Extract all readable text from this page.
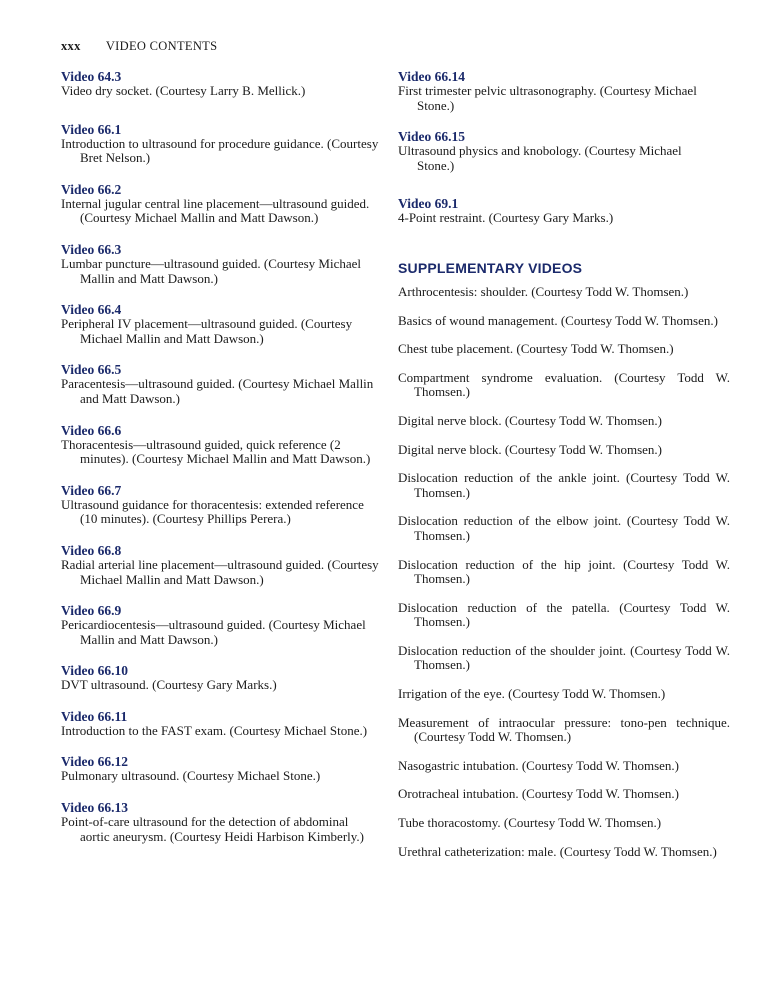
xxx VIDEO CONTENTS
Video 64.3
Video dry socket. (Courtesy Larry B. Mellick.)
Video 66.1
Introduction to ultrasound for procedure guidance. (Courtesy Bret Nelson.)
Video 66.2
Internal jugular central line placement—ultrasound guided. (Courtesy Michael Mallin and Matt Dawson.)
Video 66.3
Lumbar puncture—ultrasound guided. (Courtesy Michael Mallin and Matt Dawson.)
Video 66.4
Peripheral IV placement—ultrasound guided. (Courtesy Michael Mallin and Matt Dawson.)
Video 66.5
Paracentesis—ultrasound guided. (Courtesy Michael Mallin and Matt Dawson.)
Video 66.6
Thoracentesis—ultrasound guided, quick reference (2 minutes). (Courtesy Michael Mallin and Matt Dawson.)
Video 66.7
Ultrasound guidance for thoracentesis: extended reference (10 minutes). (Courtesy Phillips Perera.)
Video 66.8
Radial arterial line placement—ultrasound guided. (Courtesy Michael Mallin and Matt Dawson.)
Video 66.9
Pericardiocentesis—ultrasound guided. (Courtesy Michael Mallin and Matt Dawson.)
Video 66.10
DVT ultrasound. (Courtesy Gary Marks.)
Video 66.11
Introduction to the FAST exam. (Courtesy Michael Stone.)
Video 66.12
Pulmonary ultrasound. (Courtesy Michael Stone.)
Video 66.13
Point-of-care ultrasound for the detection of abdominal aortic aneurysm. (Courtesy Heidi Harbison Kimberly.)
Video 66.14
First trimester pelvic ultrasonography. (Courtesy Michael Stone.)
Video 66.15
Ultrasound physics and knobology. (Courtesy Michael Stone.)
Video 69.1
4-Point restraint. (Courtesy Gary Marks.)
SUPPLEMENTARY VIDEOS
Arthrocentesis: shoulder. (Courtesy Todd W. Thomsen.)
Basics of wound management. (Courtesy Todd W. Thomsen.)
Chest tube placement. (Courtesy Todd W. Thomsen.)
Compartment syndrome evaluation. (Courtesy Todd W. Thomsen.)
Digital nerve block. (Courtesy Todd W. Thomsen.)
Digital nerve block. (Courtesy Todd W. Thomsen.)
Dislocation reduction of the ankle joint. (Courtesy Todd W. Thomsen.)
Dislocation reduction of the elbow joint. (Courtesy Todd W. Thomsen.)
Dislocation reduction of the hip joint. (Courtesy Todd W. Thomsen.)
Dislocation reduction of the patella. (Courtesy Todd W. Thomsen.)
Dislocation reduction of the shoulder joint. (Courtesy Todd W. Thomsen.)
Irrigation of the eye. (Courtesy Todd W. Thomsen.)
Measurement of intraocular pressure: tono-pen technique. (Courtesy Todd W. Thomsen.)
Nasogastric intubation. (Courtesy Todd W. Thomsen.)
Orotracheal intubation. (Courtesy Todd W. Thomsen.)
Tube thoracostomy. (Courtesy Todd W. Thomsen.)
Urethral catheterization: male. (Courtesy Todd W. Thomsen.)
